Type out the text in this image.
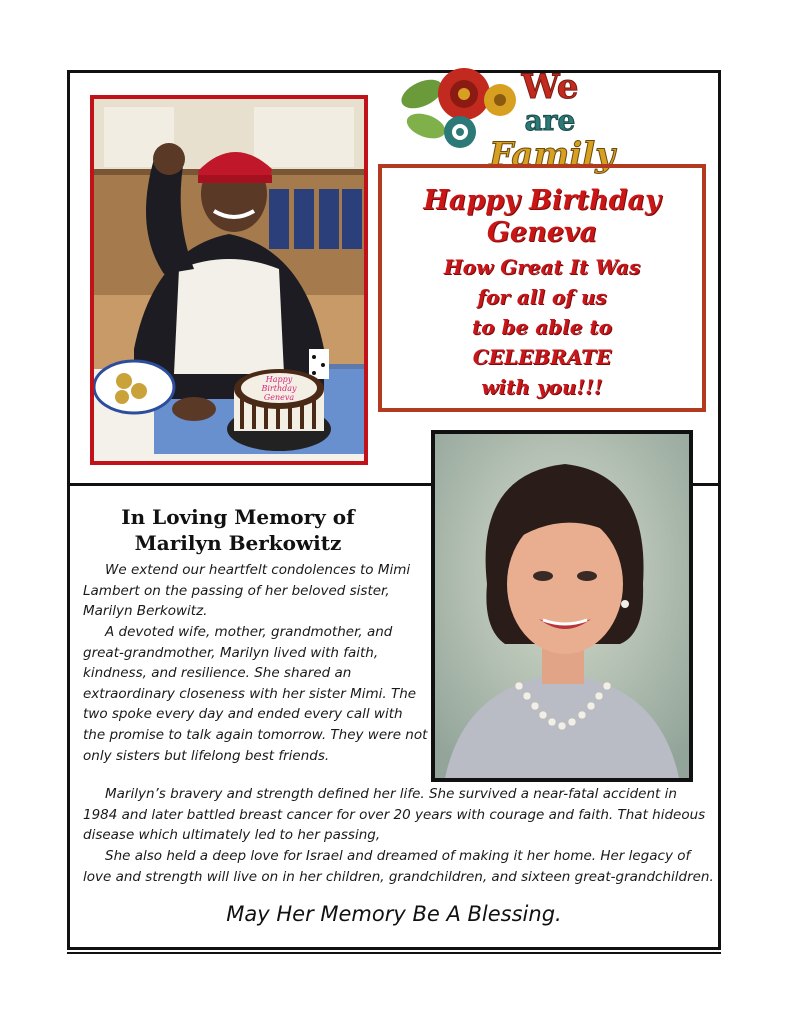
Happy
Birthday
Geneva
We
are
Family
Happy Birthday
Geneva
How Great It Was
for all of us
to be able to
CELEBRATE
with you!!!
In Loving Memory of
Marilyn Berkowitz

We extend our heartfelt condolences to Mimi Lambert on the passing of her beloved sister, Marilyn Berkowitz.

A devoted wife, mother, grandmother, and great-grandmother, Marilyn lived with faith, kindness, and resilience. She shared an extraordinary closeness with her sister Mimi. The two spoke every day and ended every call with the promise to talk again tomorrow. They were not only sisters but lifelong best friends.

Marilyn’s bravery and strength defined her life. She survived a near-fatal accident in 1984 and later battled breast cancer for over 20 years with courage and faith. That hideous disease which ultimately led to her passing,

She also held a deep love for Israel and dreamed of making it her home. Her legacy of love and strength will live on in her children, grandchildren, and sixteen great-grandchildren.

May Her Memory Be A Blessing.
